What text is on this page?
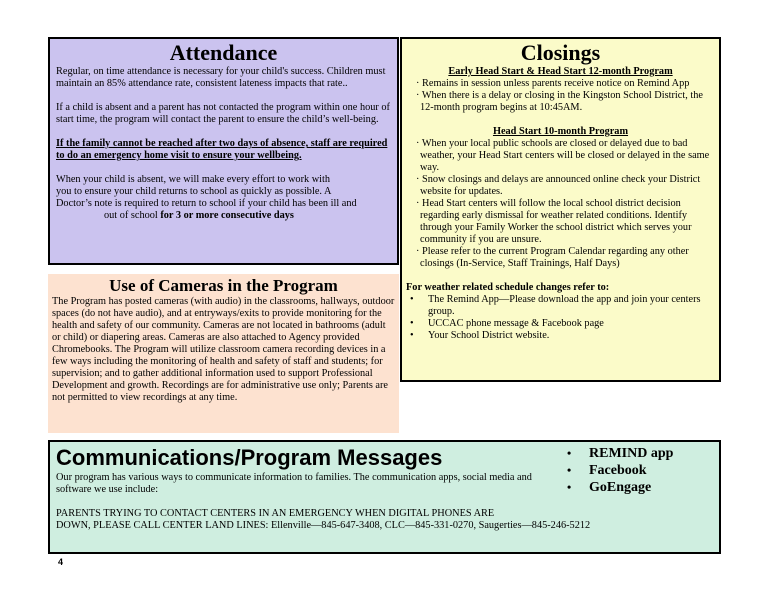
Attendance

Regular, on time attendance is necessary for your child's success. Children must maintain an 85% attendance rate, consistent lateness impacts that rate..

If a child is absent and a parent has not contacted the program within one hour of start time, the program will contact the parent to ensure the child’s well-being.

If the family cannot be reached after two days of absence, staff are required to do an emergency home visit to ensure your wellbeing.

When your child is absent, we will make every effort to work with

you to ensure your child returns to school as quickly as possible. A

Doctor’s note is required to return to school if your child has been ill and

out of school for 3 or more consecutive days

Closings

Early Head Start & Head Start 12-month Program

· Remains in session unless parents receive notice on Remind App

· When there is a delay or closing in the Kingston School District, the 12-month program begins at 10:45AM.

Head Start 10-month Program

· When your local public schools are closed or delayed due to bad weather, your Head Start centers will be closed or delayed in the same way.

· Snow closings and delays are announced online check your District website for updates.

· Head Start centers will follow the local school district decision regarding early dismissal for weather related conditions. Identify through your Family Worker the school district which serves your community if you are unsure.

· Please refer to the current Program Calendar regarding any other closings (In-Service, Staff Trainings, Half Days)

For weather related schedule changes refer to:

• The Remind App—Please download the app and join your centers group.
• UCCAC phone message & Facebook page
• Your School District website.
Use of Cameras in the Program

The Program has posted cameras (with audio) in the classrooms, hallways, outdoor spaces (do not have audio), and at entryways/exits to provide monitoring for the health and safety of our community. Cameras are not located in bathrooms (adult or child) or diapering areas. Cameras are also attached to Agency provided Chromebooks. The Program will utilize classroom camera recording devices in a few ways including the monitoring of health and safety of staff and students; for supervision; and to gather additional information used to support Professional Development and growth. Recordings are for administrative use only; Parents are not permitted to view recordings at any time.

Communications/Program Messages

Our program has various ways to communicate information to families. The communication apps, social media and software we use include:

• REMIND app
• Facebook
• GoEngage

PARENTS TRYING TO CONTACT CENTERS IN AN EMERGENCY WHEN DIGITAL PHONES ARE

DOWN, PLEASE CALL CENTER LAND LINES: Ellenville—845-647-3408, CLC—845-331-0270, Saugerties—845-246-5212

4
